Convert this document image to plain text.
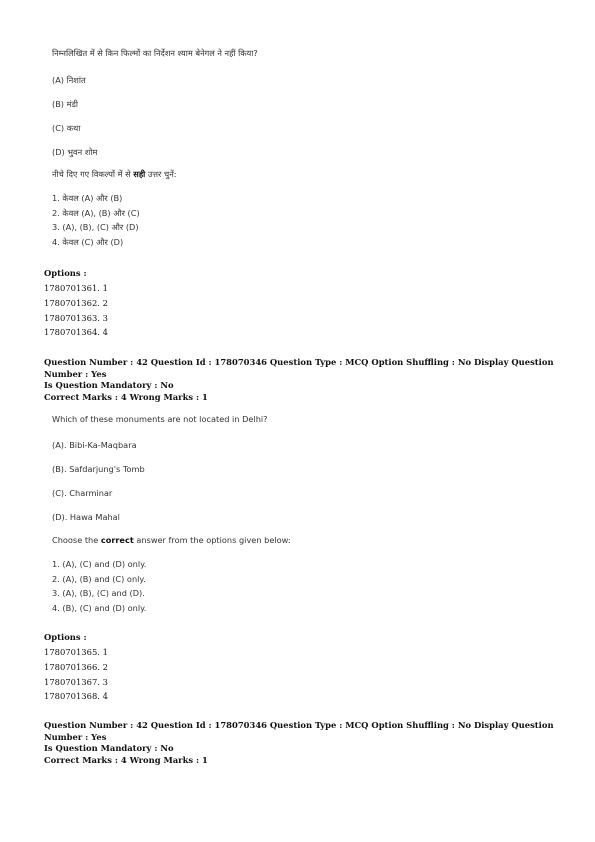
निम्नलिखित में से किन फिल्मों का निर्देशन श्याम बेनेगल ने नहीं किया?
(A) निशांत
(B) मंडी
(C) कथा
(D) भुवन शोम
नीचे दिए गए विकल्पों में से सही उत्तर चुनें:
1. केवल (A) और (B)
2. केवल (A), (B) और (C)
3. (A), (B), (C) और (D)
4. केवल (C) और (D)
Options :
1780701361. 1
1780701362. 2
1780701363. 3
1780701364. 4
Question Number : 42 Question Id : 178070346 Question Type : MCQ Option Shuffling : No Display Question Number : Yes
Is Question Mandatory : No
Correct Marks : 4 Wrong Marks : 1
Which of these monuments are not located in Delhi?
(A). Bibi-Ka-Maqbara
(B). Safdarjung's Tomb
(C). Charminar
(D). Hawa Mahal
Choose the correct answer from the options given below:
1. (A), (C) and (D) only.
2. (A), (B) and (C) only.
3. (A), (B), (C) and (D).
4. (B), (C) and (D) only.
Options :
1780701365. 1
1780701366. 2
1780701367. 3
1780701368. 4
Question Number : 42 Question Id : 178070346 Question Type : MCQ Option Shuffling : No Display Question Number : Yes
Is Question Mandatory : No
Correct Marks : 4 Wrong Marks : 1
